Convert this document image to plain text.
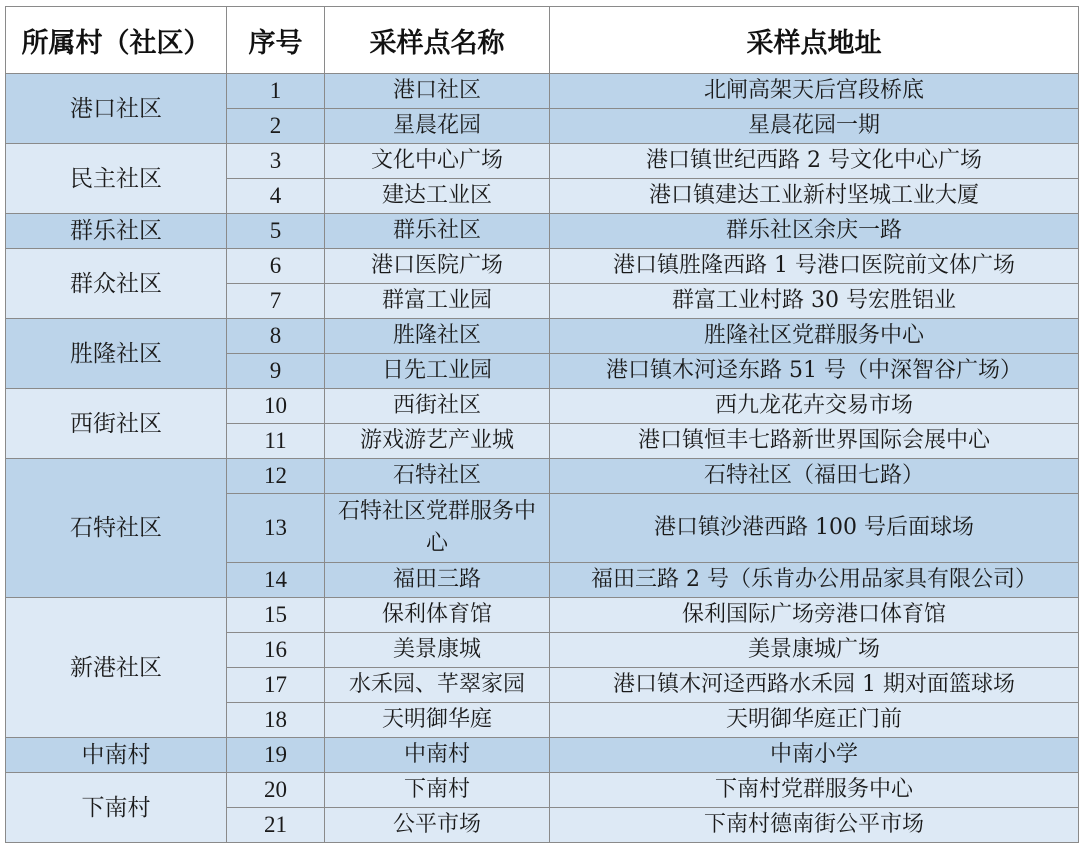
所属村（社区）	序号	采样点名称	采样点地址
港口社区	1	港口社区	北闸高架天后宫段桥底
	2	星晨花园	星晨花园一期
民主社区	3	文化中心广场	港口镇世纪西路 2 号文化中心广场
	4	建达工业区	港口镇建达工业新村坚城工业大厦
群乐社区	5	群乐社区	群乐社区余庆一路
群众社区	6	港口医院广场	港口镇胜隆西路 1 号港口医院前文体广场
	7	群富工业园	群富工业村路 30 号宏胜铝业
胜隆社区	8	胜隆社区	胜隆社区党群服务中心
	9	日先工业园	港口镇木河迳东路 51 号（中深智谷广场）
西街社区	10	西街社区	西九龙花卉交易市场
	11	游戏游艺产业城	港口镇恒丰七路新世界国际会展中心
石特社区	12	石特社区	石特社区（福田七路）
	13	石特社区党群服务中心	港口镇沙港西路 100 号后面球场
	14	福田三路	福田三路 2 号（乐肯办公用品家具有限公司）
新港社区	15	保利体育馆	保利国际广场旁港口体育馆
	16	美景康城	美景康城广场
	17	水禾园、芊翠家园	港口镇木河迳西路水禾园 1 期对面篮球场
	18	天明御华庭	天明御华庭正门前
中南村	19	中南村	中南小学
下南村	20	下南村	下南村党群服务中心
	21	公平市场	下南村德南街公平市场
